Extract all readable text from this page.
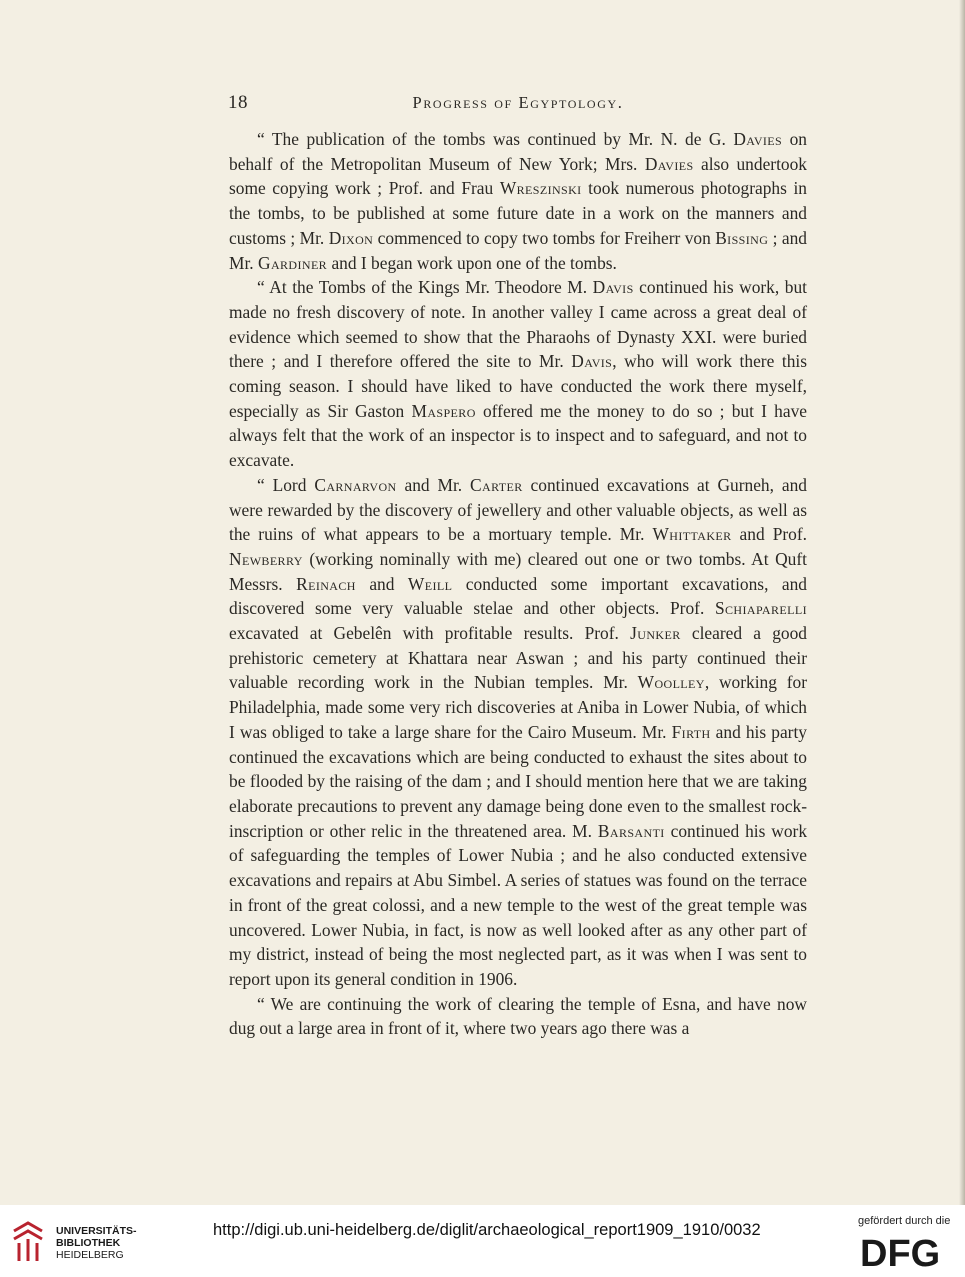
18	Progress of Egyptology.

“ The publication of the tombs was continued by Mr. N. de G. Davies on behalf of the Metropolitan Museum of New York; Mrs. Davies also undertook some copying work ; Prof. and Frau Wreszinski took numerous photographs in the tombs, to be published at some future date in a work on the manners and customs ; Mr. Dixon commenced to copy two tombs for Freiherr von Bissing ; and Mr. Gardiner and I began work upon one of the tombs.

“ At the Tombs of the Kings Mr. Theodore M. Davis continued his work, but made no fresh discovery of note. In another valley I came across a great deal of evidence which seemed to show that the Pharaohs of Dynasty XXI. were buried there ; and I therefore offered the site to Mr. Davis, who will work there this coming season. I should have liked to have conducted the work there myself, especially as Sir Gaston Maspero offered me the money to do so ; but I have always felt that the work of an inspector is to inspect and to safeguard, and not to excavate.

“ Lord Carnarvon and Mr. Carter continued excavations at Gurneh, and were rewarded by the discovery of jewellery and other valuable objects, as well as the ruins of what appears to be a mortuary temple. Mr. Whittaker and Prof. Newberry (working nominally with me) cleared out one or two tombs. At Quft Messrs. Reinach and Weill conducted some important excavations, and discovered some very valuable stelae and other objects. Prof. Schiaparelli excavated at Gebelên with profitable results. Prof. Junker cleared a good prehistoric cemetery at Khattara near Aswan ; and his party continued their valuable recording work in the Nubian temples. Mr. Woolley, working for Philadelphia, made some very rich discoveries at Aniba in Lower Nubia, of which I was obliged to take a large share for the Cairo Museum. Mr. Firth and his party continued the excavations which are being conducted to exhaust the sites about to be flooded by the raising of the dam ; and I should mention here that we are taking elaborate precautions to prevent any damage being done even to the smallest rock-inscription or other relic in the threatened area. M. Barsanti continued his work of safeguarding the temples of Lower Nubia ; and he also conducted extensive excavations and repairs at Abu Simbel. A series of statues was found on the terrace in front of the great colossi, and a new temple to the west of the great temple was uncovered. Lower Nubia, in fact, is now as well looked after as any other part of my district, instead of being the most neglected part, as it was when I was sent to report upon its general condition in 1906.

“ We are continuing the work of clearing the temple of Esna, and have now dug out a large area in front of it, where two years ago there was a

UNIVERSITÄTS-
BIBLIOTHEK
HEIDELBERG
http://digi.ub.uni-heidelberg.de/diglit/archaeological_report1909_1910/0032	gefördert durch die
DFG
